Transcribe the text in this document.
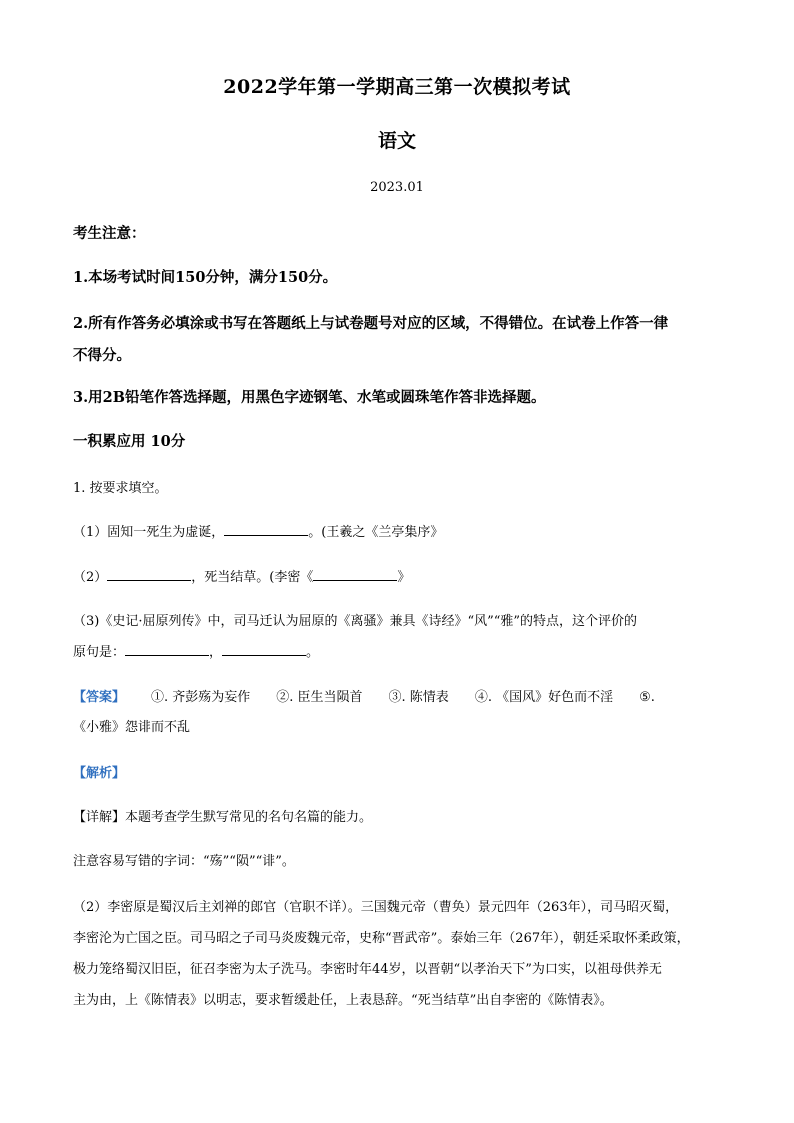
2022学年第一学期高三第一次模拟考试
语文
2023.01
考生注意：
1.本场考试时间150分钟，满分150分。
2.所有作答务必填涂或书写在答题纸上与试卷题号对应的区域，不得错位。在试卷上作答一律
不得分。
3.用2B铅笔作答选择题，用黑色字迹钢笔、水笔或圆珠笔作答非选择题。
一积累应用 10分
1. 按要求填空。
（1）固知一死生为虚诞，	。(王羲之《兰亭集序》
（2）	，死当结草。(李密《	》
（3)《史记·屈原列传》中，司马迁认为屈原的《离骚》兼具《诗经》“风”“雅”的特点，这个评价的
原句是：	，	。
【答案】 ①. 齐彭殇为妄作 ②. 臣生当陨首 ③. 陈情表 ④. 《国风》好色而不淫 ⑤.
《小雅》怨诽而不乱
【解析】
【详解】本题考查学生默写常见的名句名篇的能力。
注意容易写错的字词：“殇”“陨”“诽”。
（2）李密原是蜀汉后主刘禅的郎官（官职不详）。三国魏元帝（曹奂）景元四年（263年），司马昭灭蜀，
李密沦为亡国之臣。司马昭之子司马炎废魏元帝，史称“晋武帝”。泰始三年（267年），朝廷采取怀柔政策，
极力笼络蜀汉旧臣，征召李密为太子洗马。李密时年44岁，以晋朝“以孝治天下”为口实，以祖母供养无
主为由，上《陈情表》以明志，要求暂缓赴任，上表恳辞。“死当结草”出自李密的《陈情表》。
